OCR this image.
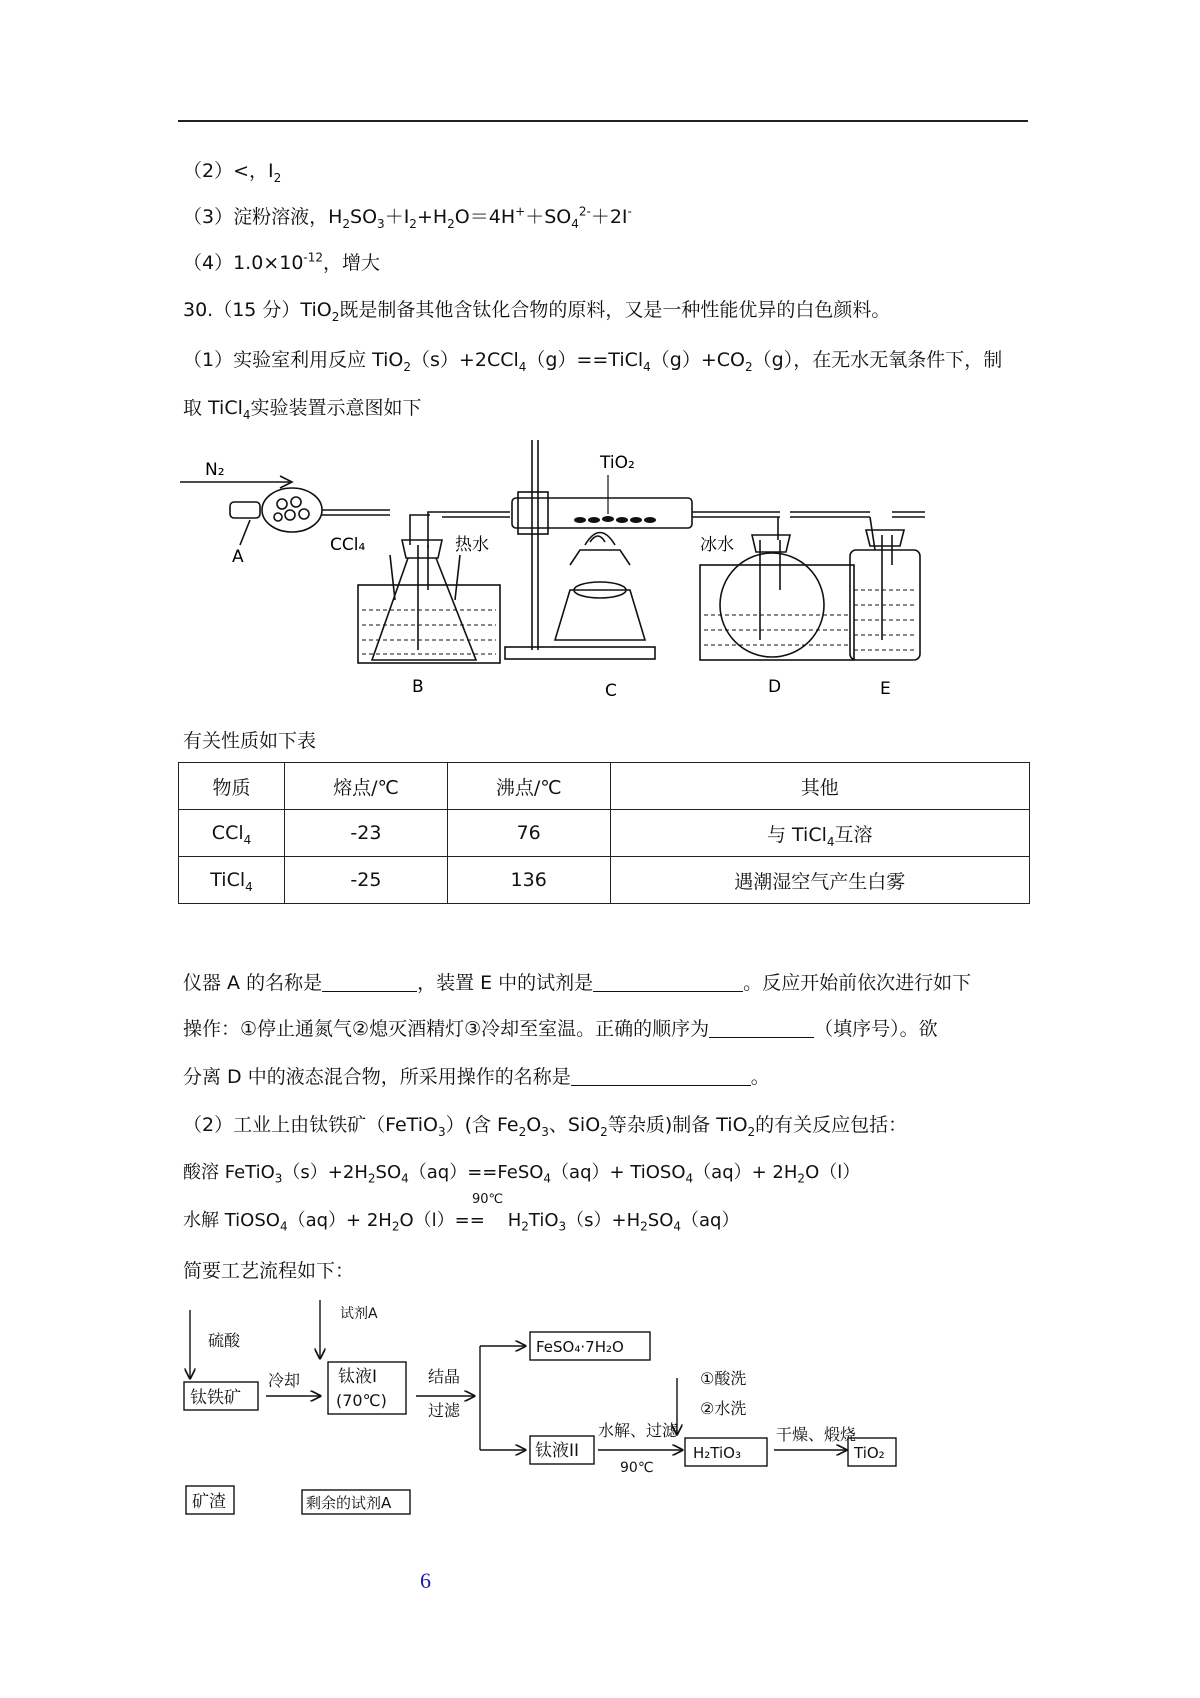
（2）<，$I_2$
（3）淀粉溶液，$H_2SO_3+I_2+H_2O=4H^++SO_4^{2-}+2I^-$
$(4)1.0\times 10^{-12}$，增大
30.（15 分）TiO$_2$既是制备其他含钛化合物的原料，又是一种性能优异的白色颜料。
（1）实验室利用反应 $TiO_2(s)+2CCl_4(g)==TiCl_4(g)+CO_2(g)$，在无水无氧条件下，制
取 TiCl$_4$实验装置示意图如下
N₂	TiO₂
A
CCl₄	热水	冰水
B	C	D	E
有关性质如下表
物质	熔点/℃	沸点/℃	其他
CCl$_4$	-23	76	与 TiCl$_4$互溶
TiCl$_4$	-25	136	遇潮湿空气产生白雾
仪器 A 的名称是	，装置 E 中的试剂是	。反应开始前依次进行如下
操作：①停止通氮气②熄灭酒精灯③冷却至室温。正确的顺序为	（填序号）。欲
分离 D 中的液态混合物，所采用操作的名称是	。
（2）工业上由钛铁矿（FeTiO$_3$）(含 $Fe_2O_3$、SiO$_2$等杂质)制备 TiO$_2$的有关反应包括：
酸溶 $FeTiO_3(s)+2H_2SO_4(aq)==FeSO_4(aq)+$ TiOSO$_4$（aq）+ $2H_2O(l)$
90℃
水解 TiOSO$_4$（aq）+ $2H_2O(l)== H_2TiO_3(s)+H_2SO_4(aq)$
简要工艺流程如下：
硫酸
试剂A
钛铁矿
冷却 钛液I
(70℃)
结晶
过滤
FeSO₄·7H₂O
①酸洗
②水洗
钛液II
水解、过滤
90℃
H₂TiO₃
干燥、煅烧
TiO₂
矿渣	剩余的试剂A
6
